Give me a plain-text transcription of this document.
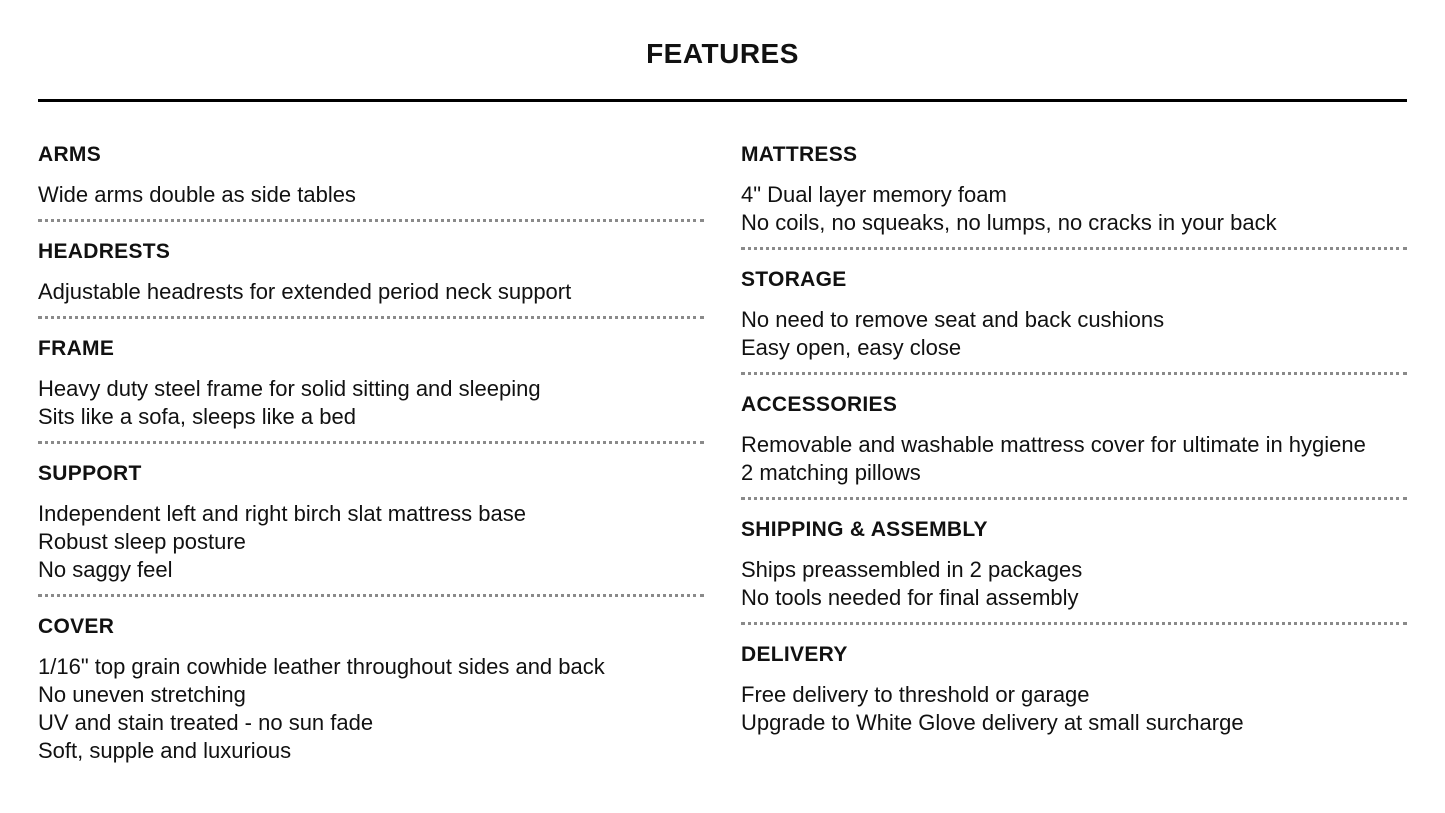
FEATURES
ARMS
Wide arms double as side tables
HEADRESTS
Adjustable headrests for extended period neck support
FRAME
Heavy duty steel frame for solid sitting and sleeping
Sits like a sofa, sleeps like a bed
SUPPORT
Independent left and right birch slat mattress base
Robust sleep posture
No saggy feel
COVER
1/16" top grain cowhide leather throughout sides and back
No uneven stretching
UV and stain treated - no sun fade
Soft, supple and luxurious
MATTRESS
4" Dual layer memory foam
No coils, no squeaks, no lumps, no cracks in your back
STORAGE
No need to remove seat and back cushions
Easy open, easy close
ACCESSORIES
Removable and washable mattress cover for ultimate in hygiene
2 matching pillows
SHIPPING & ASSEMBLY
Ships preassembled in 2 packages
No tools needed for final assembly
DELIVERY
Free delivery to threshold or garage
Upgrade to White Glove delivery at small surcharge
